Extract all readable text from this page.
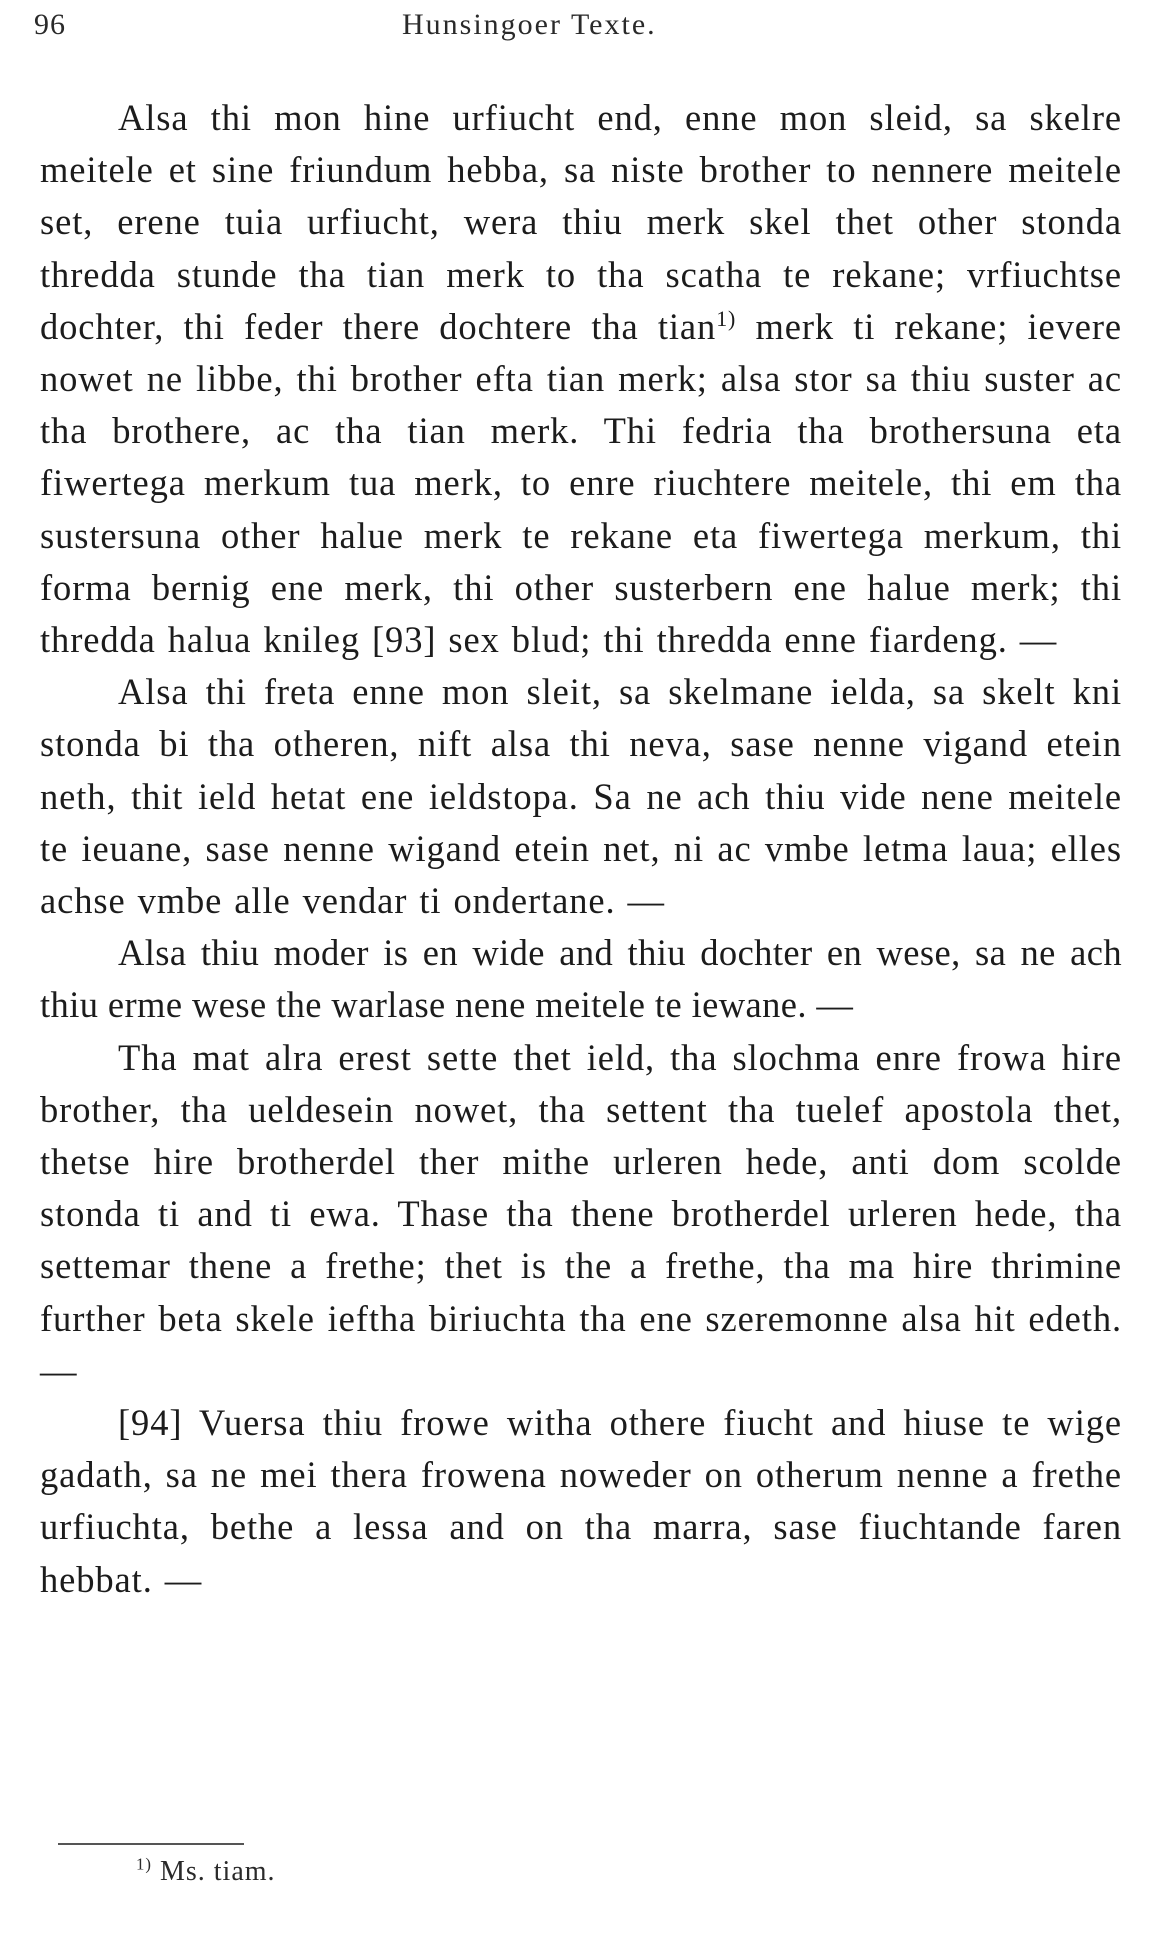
96	Hunsingoer Texte.

Alsa thi mon hine urfiucht end, enne mon sleid, sa skelre meitele et sine friundum hebba, sa niste brother to nennere meitele set, erene tuia urfiucht, wera thiu merk skel thet other stonda thredda stunde tha tian merk to tha scatha te rekane; vrfiuchtse dochter, thi feder there dochtere tha tian$^{1)}$ merk ti rekane; ievere nowet ne libbe, thi brother efta tian merk; alsa stor sa thiu suster ac tha brothere, ac tha tian merk. Thi fedria tha brothersuna eta fiwertega merkum tua merk, to enre riuchtere meitele, thi em tha sustersuna other halue merk te rekane eta fiwertega merkum, thi forma bernig ene merk, thi other susterbern ene halue merk; thi thredda halua knileg [93] sex blud; thi thredda enne fiardeng. —

Alsa thi freta enne mon sleit, sa skelmane ielda, sa skelt kni stonda bi tha otheren, nift alsa thi neva, sase nenne vigand etein neth, thit ield hetat ene ieldstopa. Sa ne ach thiu vide nene meitele te ieuane, sase nenne wigand etein net, ni ac vmbe letma laua; elles achse vmbe alle vendar ti ondertane. —

Alsa thiu moder is en wide and thiu dochter en wese, sa ne ach thiu erme wese the warlase nene meitele te iewane. —

Tha mat alra erest sette thet ield, tha slochma enre frowa hire brother, tha ueldesein nowet, tha settent tha tuelef apostola thet, thetse hire brotherdel ther mithe urleren hede, anti dom scolde stonda ti and ti ewa. Thase tha thene brotherdel urleren hede, tha settemar thene a frethe; thet is the a frethe, tha ma hire thrimine further beta skele ieftha biriuchta tha ene szeremonne alsa hit edeth. —

[94] Vuersa thiu frowe witha othere fiucht and hiuse te wige gadath, sa ne mei thera frowena noweder on otherum nenne a frethe urfiuchta, bethe a lessa and on tha marra, sase fiuchtande faren hebbat. —

$^{1)}$ Ms. tiam.
